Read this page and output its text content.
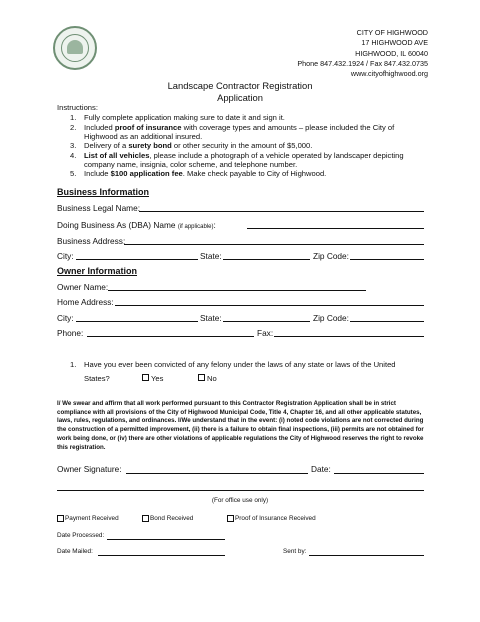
CITY OF HIGHWOOD
17 HIGHWOOD AVE
HIGHWOOD, IL 60040
Phone 847.432.1924 / Fax 847.432.0735
www.cityofhighwood.org
Landscape Contractor Registration
Application
Instructions:
1. Fully complete application making sure to date it and sign it.
2. Included proof of insurance with coverage types and amounts – please included the City of Highwood as an additional insured.
3. Delivery of a surety bond or other security in the amount of $5,000.
4. List of all vehicles, please include a photograph of a vehicle operated by landscaper depicting company name, insignia, color scheme, and telephone number.
5. Include $100 application fee. Make check payable to City of Highwood.
Business Information
Business Legal Name:
Doing Business As (DBA) Name (if applicable):
Business Address:
City:	State:	Zip Code:
Owner Information
Owner Name:
Home Address:
City:	State:	Zip Code:
Phone:	Fax:
1. Have you ever been convicted of any felony under the laws of any state or laws of the United
States?	Yes	No
I/ We swear and affirm that all work performed pursuant to this Contractor Registration Application shall be in strict compliance with all provisions of the City of Highwood Municipal Code, Title 4, Chapter 16, and all other applicable statutes, laws, rules, regulations, and ordinances. I/We understand that in the event: (i) noted code violations are not corrected during the construction of a permitted improvement, (ii) there is a failure to obtain final inspections, (iii) permits are not obtained for work being done, or (iv) there are other violations of applicable regulations the City of Highwood reserves the right to revoke this registration.
Owner Signature:	Date:
(For office use only)
Payment Received	Bond Received	Proof of Insurance Received
Date Processed:
Date Mailed:	Sent by:
